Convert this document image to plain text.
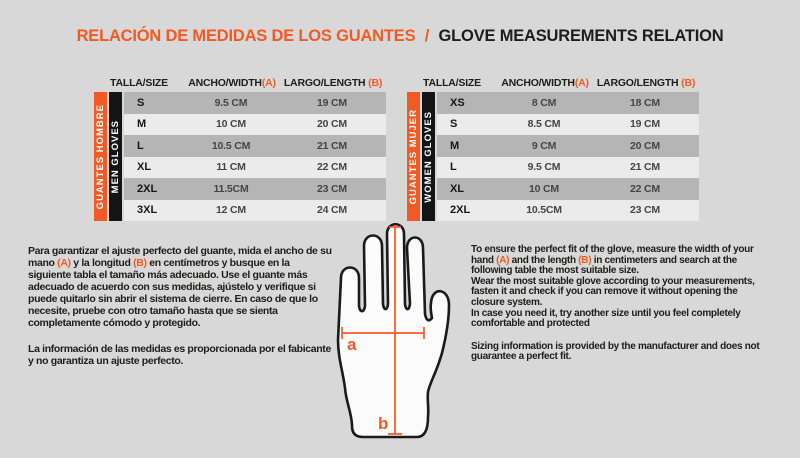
RELACIÓN DE MEDIDAS DE LOS GUANTES / GLOVE MEASUREMENTS RELATION
TALLA/SIZE	ANCHO/WIDTH(A) LARGO/LENGTH (B)
GUANTES HOMBRE MEN GLOVES
S	9.5 CM	19 CM
M	10 CM	20 CM
L	10.5 CM	21 CM
XL	11 CM	22 CM
2XL	11.5CM	23 CM
3XL	12 CM	24 CM
TALLA/SIZE	ANCHO/WIDTH(A) LARGO/LENGTH (B)
GUANTES MUJER WOMEN GLOVES
XS	8 CM	18 CM
S	8.5 CM	19 CM
M	9 CM	20 CM
L	9.5 CM	21 CM
XL	10 CM	22 CM
2XL	10.5CM	23 CM

Para garantizar el ajuste perfecto del guante, mida el ancho de su mano (A) y la longitud (B) en centímetros y busque en la siguiente tabla el tamaño más adecuado. Use el guante más adecuado de acuerdo con sus medidas, ajústelo y verifique si puede quitarlo sin abrir el sistema de cierre. En caso de que lo necesite, pruebe con otro tamaño hasta que se sienta completamente cómodo y protegido.

La información de las medidas es proporcionada por el fabicante y no garantiza un ajuste perfecto.

a
b

To ensure the perfect fit of the glove, measure the width of your hand (A) and the length (B) in centimeters and search at the following table the most suitable size.

Wear the most suitable glove according to your measurements, fasten it and check if you can remove it without opening the closure system.

In case you need it, try another size until you feel completely comfortable and protected

Sizing information is provided by the manufacturer and does not guarantee a perfect fit.
